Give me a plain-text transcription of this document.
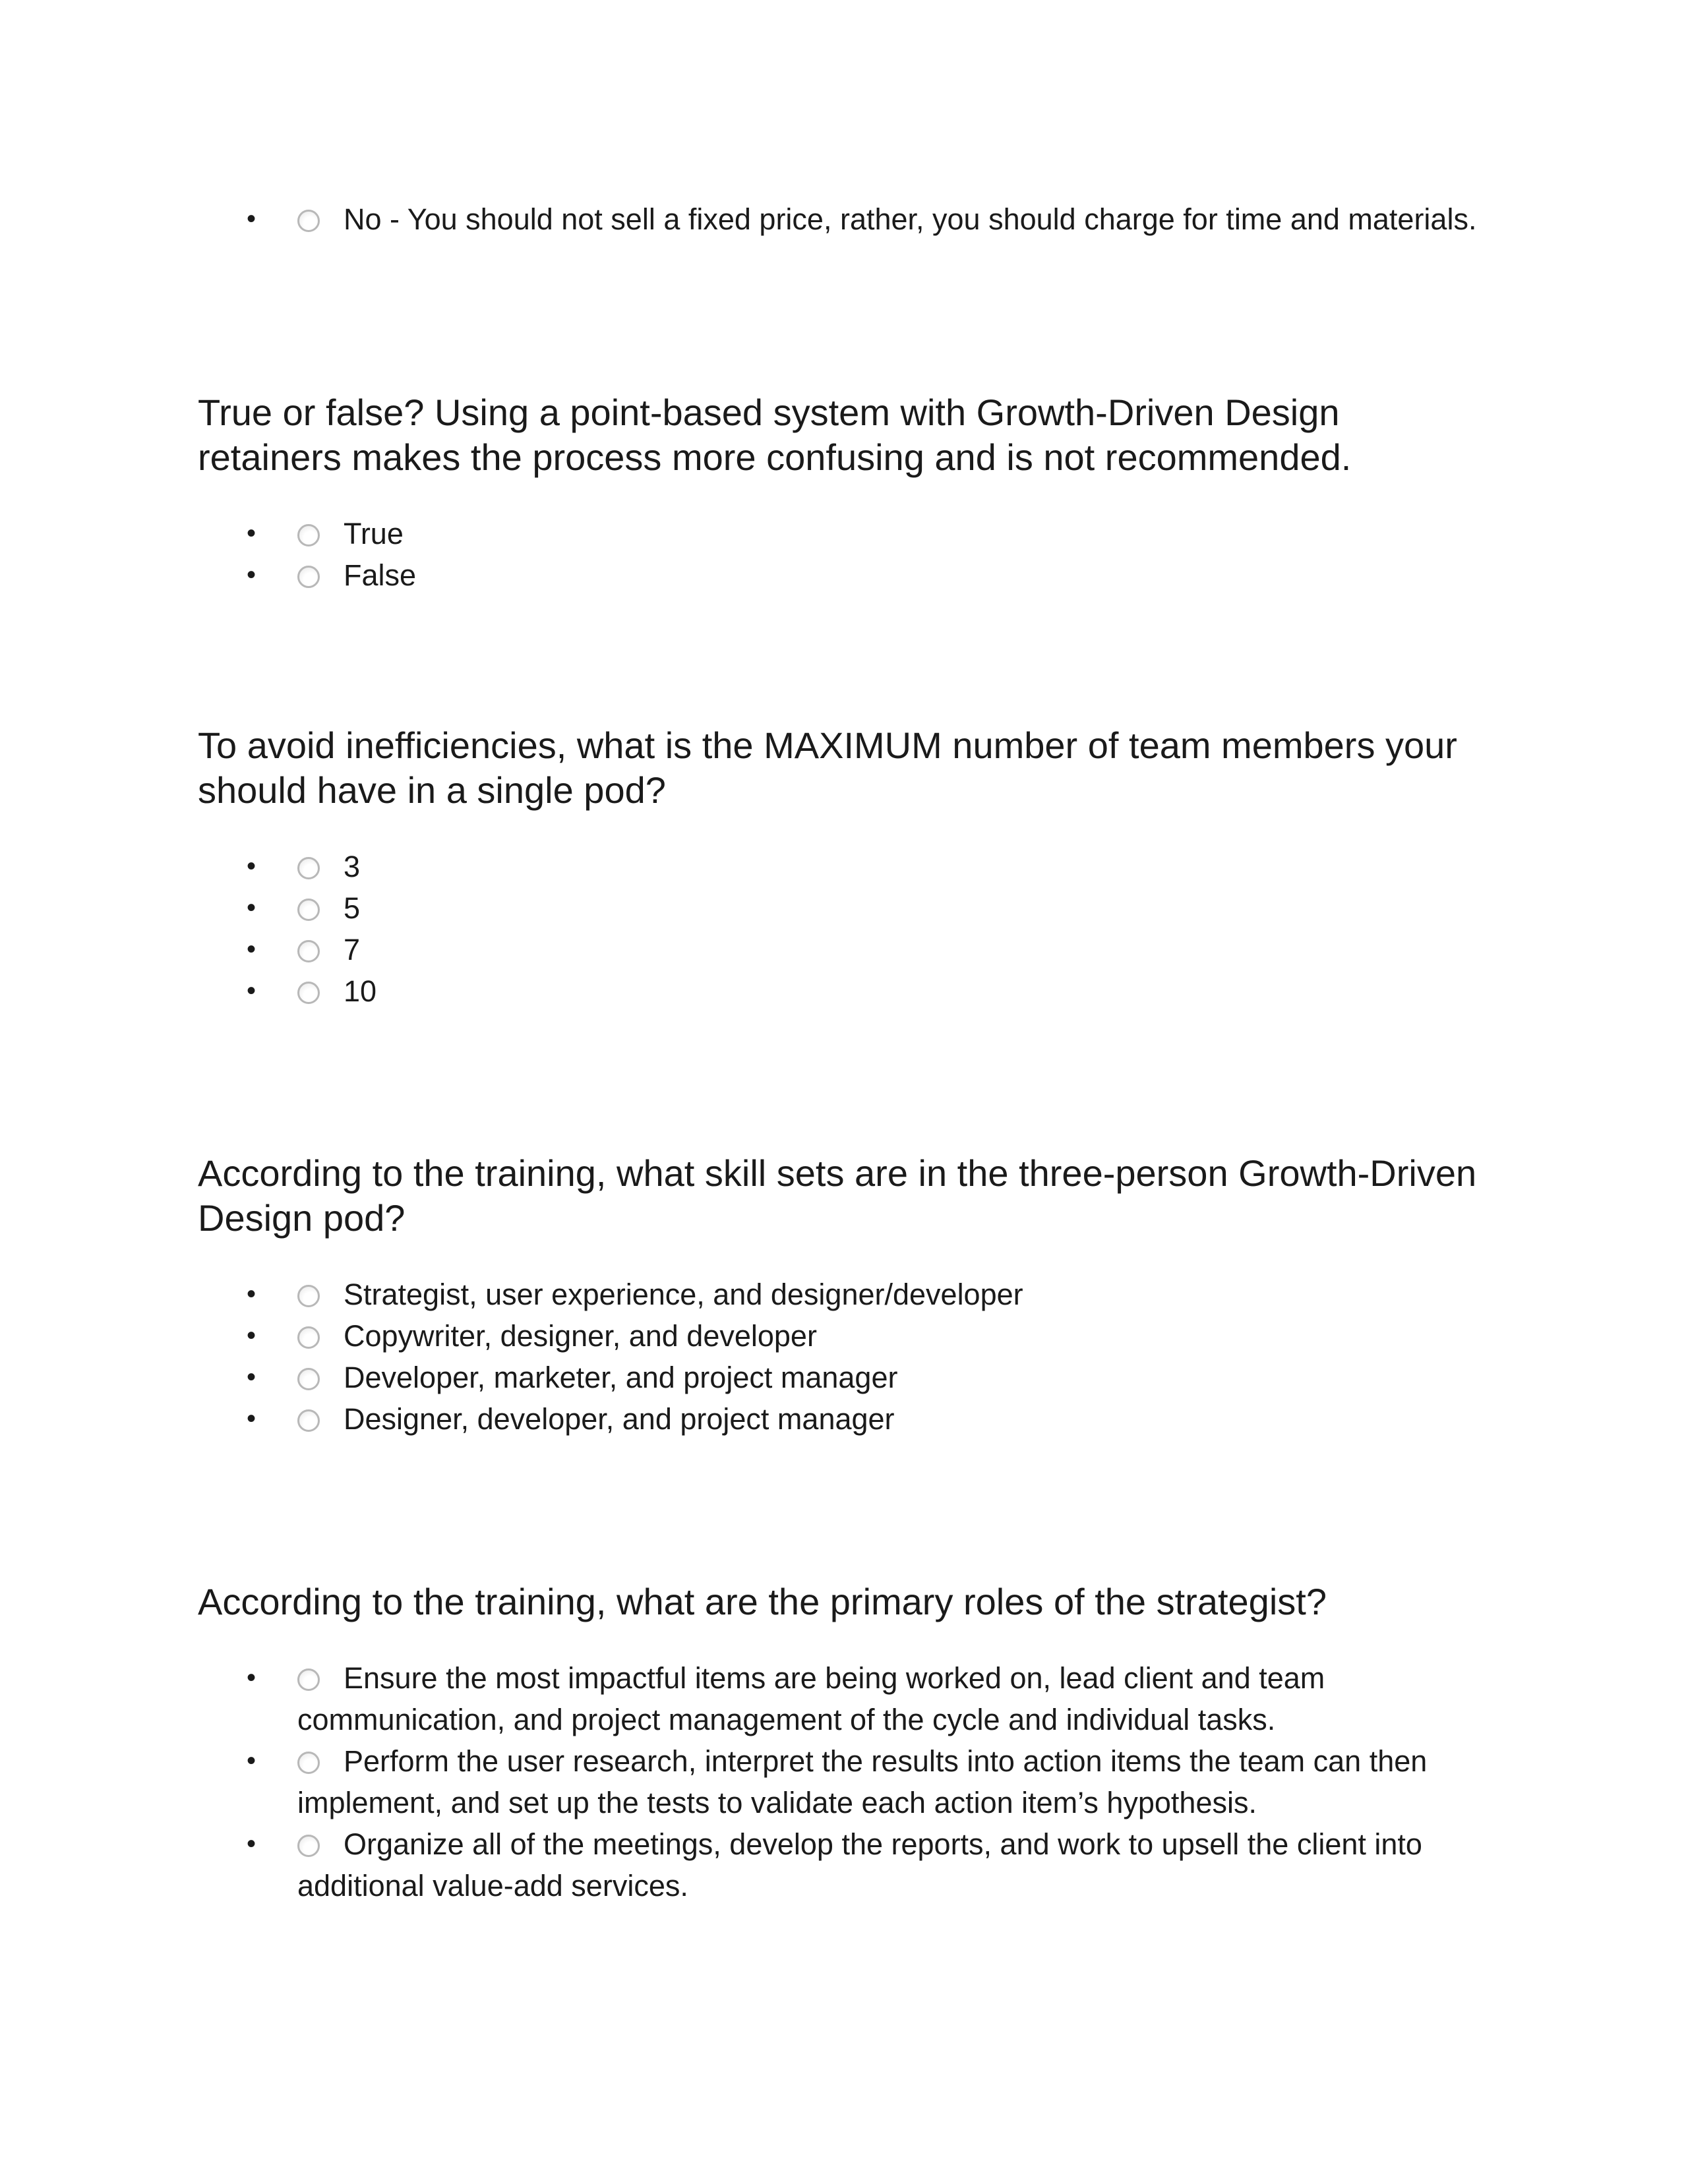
•	No - You should not sell a fixed price, rather, you should charge for time and materials.

True or false? Using a point-based system with Growth-Driven Design retainers makes the process more confusing and is not recommended.

•	True
•	False

To avoid inefficiencies, what is the MAXIMUM number of team members your should have in a single pod?

•	3
•	5
•	7
•	10

According to the training, what skill sets are in the three-person Growth-Driven Design pod?

•	Strategist, user experience, and designer/developer
•	Copywriter, designer, and developer
•	Developer, marketer, and project manager
•	Designer, developer, and project manager

According to the training, what are the primary roles of the strategist?

•	Ensure the most impactful items are being worked on, lead client and team communication, and project management of the cycle and individual tasks.
•	Perform the user research, interpret the results into action items the team can then implement, and set up the tests to validate each action item’s hypothesis.
•	Organize all of the meetings, develop the reports, and work to upsell the client into additional value-add services.
